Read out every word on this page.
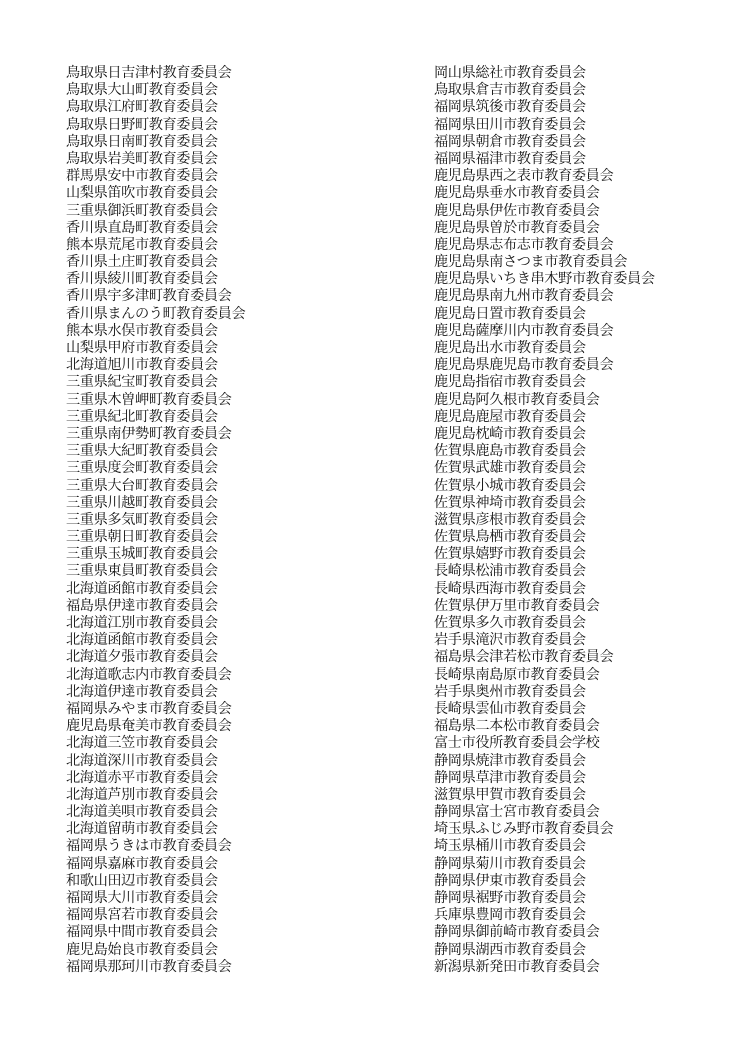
鳥取県日吉津村教育委員会
鳥取県大山町教育委員会
鳥取県江府町教育委員会
鳥取県日野町教育委員会
鳥取県日南町教育委員会
鳥取県岩美町教育委員会
群馬県安中市教育委員会
山梨県笛吹市教育委員会
三重県御浜町教育委員会
香川県直島町教育委員会
熊本県荒尾市教育委員会
香川県土庄町教育委員会
香川県綾川町教育委員会
香川県宇多津町教育委員会
香川県まんのう町教育委員会
熊本県水俣市教育委員会
山梨県甲府市教育委員会
北海道旭川市教育委員会
三重県紀宝町教育委員会
三重県木曽岬町教育委員会
三重県紀北町教育委員会
三重県南伊勢町教育委員会
三重県大紀町教育委員会
三重県度会町教育委員会
三重県大台町教育委員会
三重県川越町教育委員会
三重県多気町教育委員会
三重県朝日町教育委員会
三重県玉城町教育委員会
三重県東員町教育委員会
北海道函館市教育委員会
福島県伊達市教育委員会
北海道江別市教育委員会
北海道函館市教育委員会
北海道夕張市教育委員会
北海道歌志内市教育委員会
北海道伊達市教育委員会
福岡県みやま市教育委員会
鹿児島県奄美市教育委員会
北海道三笠市教育委員会
北海道深川市教育委員会
北海道赤平市教育委員会
北海道芦別市教育委員会
北海道美唄市教育委員会
北海道留萌市教育委員会
福岡県うきは市教育委員会
福岡県嘉麻市教育委員会
和歌山田辺市教育委員会
福岡県大川市教育委員会
福岡県宮若市教育委員会
福岡県中間市教育委員会
鹿児島始良市教育委員会
福岡県那珂川市教育委員会
岡山県総社市教育委員会
鳥取県倉吉市教育委員会
福岡県筑後市教育委員会
福岡県田川市教育委員会
福岡県朝倉市教育委員会
福岡県福津市教育委員会
鹿児島県西之表市教育委員会
鹿児島県垂水市教育委員会
鹿児島県伊佐市教育委員会
鹿児島県曽於市教育委員会
鹿児島県志布志市教育委員会
鹿児島県南さつま市教育委員会
鹿児島県いちき串木野市教育委員会
鹿児島県南九州市教育委員会
鹿児島日置市教育委員会
鹿児島薩摩川内市教育委員会
鹿児島出水市教育委員会
鹿児島県鹿児島市教育委員会
鹿児島指宿市教育委員会
鹿児島阿久根市教育委員会
鹿児島鹿屋市教育委員会
鹿児島枕崎市教育委員会
佐賀県鹿島市教育委員会
佐賀県武雄市教育委員会
佐賀県小城市教育委員会
佐賀県神埼市教育委員会
滋賀県彦根市教育委員会
佐賀県鳥栖市教育委員会
佐賀県嬉野市教育委員会
長崎県松浦市教育委員会
長崎県西海市教育委員会
佐賀県伊万里市教育委員会
佐賀県多久市教育委員会
岩手県滝沢市教育委員会
福島県会津若松市教育委員会
長崎県南島原市教育委員会
岩手県奥州市教育委員会
長崎県雲仙市教育委員会
福島県二本松市教育委員会
富士市役所教育委員会学校
静岡県焼津市教育委員会
静岡県草津市教育委員会
滋賀県甲賀市教育委員会
静岡県富士宮市教育委員会
埼玉県ふじみ野市教育委員会
埼玉県桶川市教育委員会
静岡県菊川市教育委員会
静岡県伊東市教育委員会
静岡県裾野市教育委員会
兵庫県豊岡市教育委員会
静岡県御前崎市教育委員会
静岡県湖西市教育委員会
新潟県新発田市教育委員会
